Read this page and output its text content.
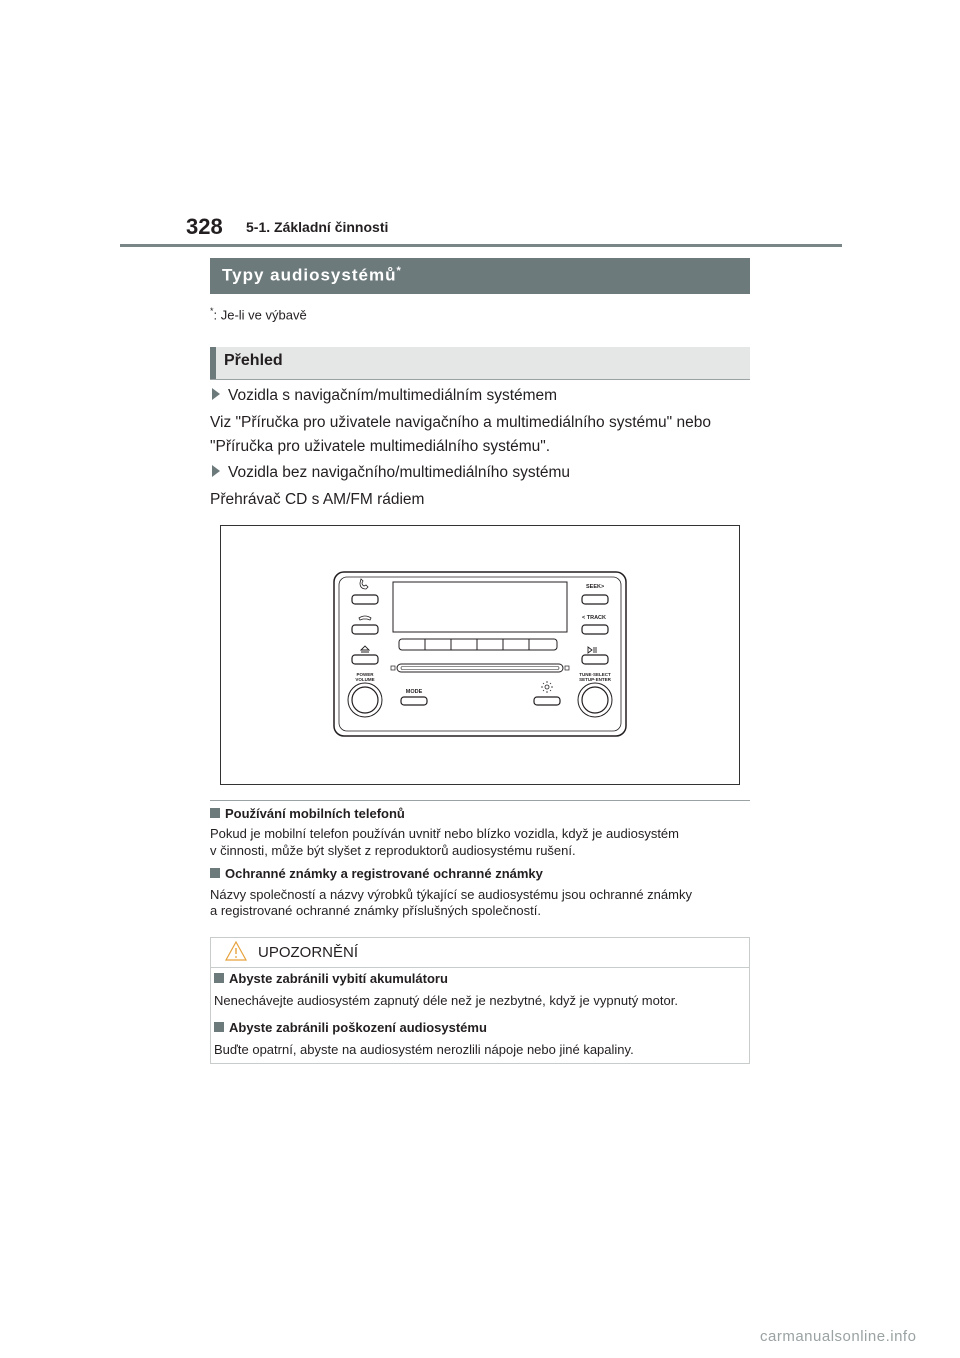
328 5-1. Základní činnosti
Typy audiosystémů*
*: Je-li ve výbavě
Přehled
Vozidla s navigačním/multimediálním systémem
Viz "Příručka pro uživatele navigačního a multimediálního systému" nebo
"Příručka pro uživatele multimediálního systému".
Vozidla bez navigačního/multimediálního systému
Přehrávač CD s AM/FM rádiem
SEEK>
< TRACK
POWER
VOLUME
MODE
TUNE·SELECT
SETUP·ENTER
Používání mobilních telefonů
Pokud je mobilní telefon používán uvnitř nebo blízko vozidla, když je audiosystém
v činnosti, může být slyšet z reproduktorů audiosystému rušení.
Ochranné známky a registrované ochranné známky
Názvy společností a názvy výrobků týkající se audiosystému jsou ochranné známky
a registrované ochranné známky příslušných společností.
UPOZORNĚNÍ
Abyste zabránili vybití akumulátoru
Nenechávejte audiosystém zapnutý déle než je nezbytné, když je vypnutý motor.
Abyste zabránili poškození audiosystému
Buďte opatrní, abyste na audiosystém nerozlili nápoje nebo jiné kapaliny.
carmanualsonline.info
